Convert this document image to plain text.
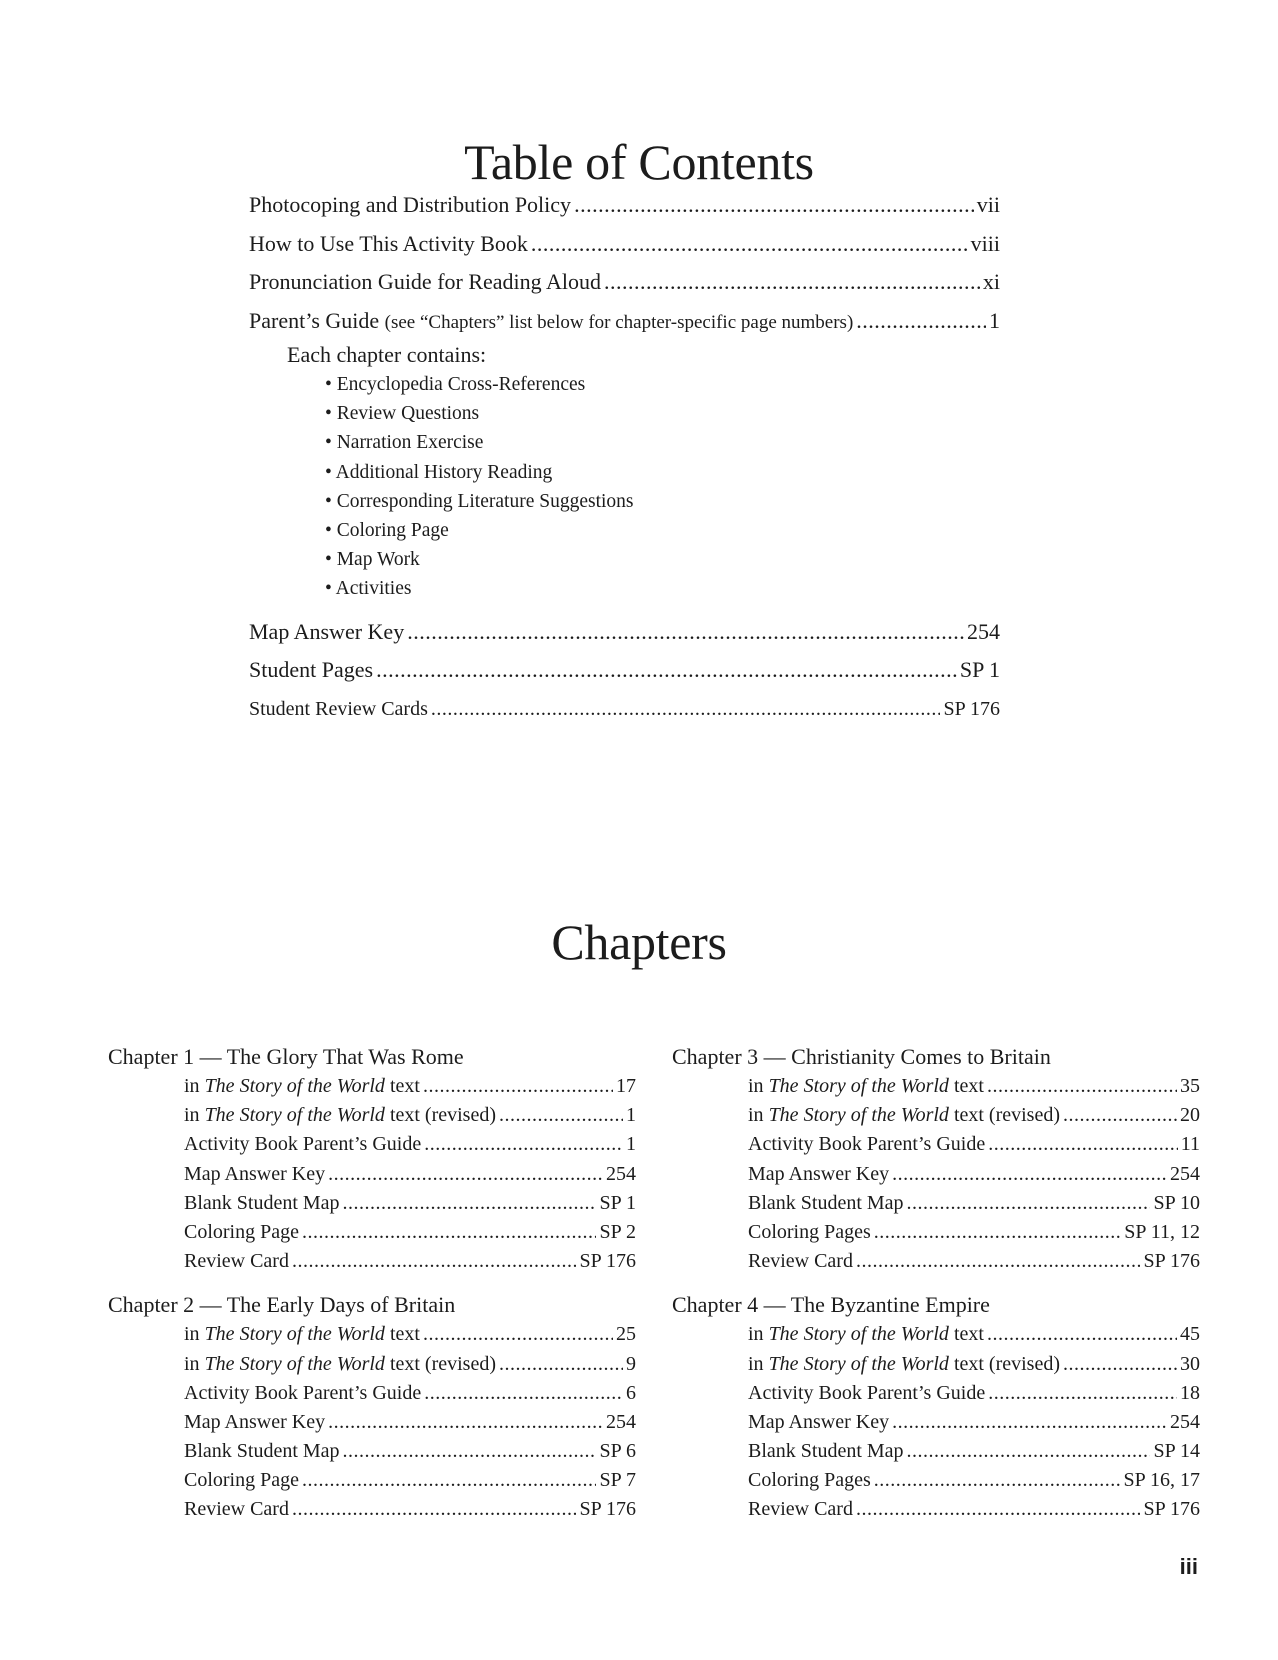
Table of Contents
Photocoping and Distribution Policy .....	vii
How to Use This Activity Book .....	viii
Pronunciation Guide for Reading Aloud .....	xi
Parent’s Guide (see “Chapters” list below for chapter-specific page numbers) .....	1
Each chapter contains:
• Encyclopedia Cross-References
• Review Questions
• Narration Exercise
• Additional History Reading
• Corresponding Literature Suggestions
• Coloring Page
• Map Work
• Activities
Map Answer Key .....	254
Student Pages .....	SP 1
Student Review Cards .....	SP 176
Chapters
Chapter 1 — The Glory That Was Rome
in The Story of the World text .....	17
in The Story of the World text (revised) .....	1
Activity Book Parent’s Guide .....	1
Map Answer Key .....	254
Blank Student Map .....	SP 1
Coloring Page .....	SP 2
Review Card .....	SP 176
Chapter 2 — The Early Days of Britain
in The Story of the World text .....	25
in The Story of the World text (revised) .....	9
Activity Book Parent’s Guide .....	6
Map Answer Key .....	254
Blank Student Map .....	SP 6
Coloring Page .....	SP 7
Review Card .....	SP 176
Chapter 3 — Christianity Comes to Britain
in The Story of the World text .....	35
in The Story of the World text (revised) .....	20
Activity Book Parent’s Guide .....	11
Map Answer Key .....	254
Blank Student Map .....	SP 10
Coloring Pages .....	SP 11, 12
Review Card .....	SP 176
Chapter 4 — The Byzantine Empire
in The Story of the World text .....	45
in The Story of the World text (revised) .....	30
Activity Book Parent’s Guide .....	18
Map Answer Key .....	254
Blank Student Map .....	SP 14
Coloring Pages .....	SP 16, 17
Review Card .....	SP 176
iii
